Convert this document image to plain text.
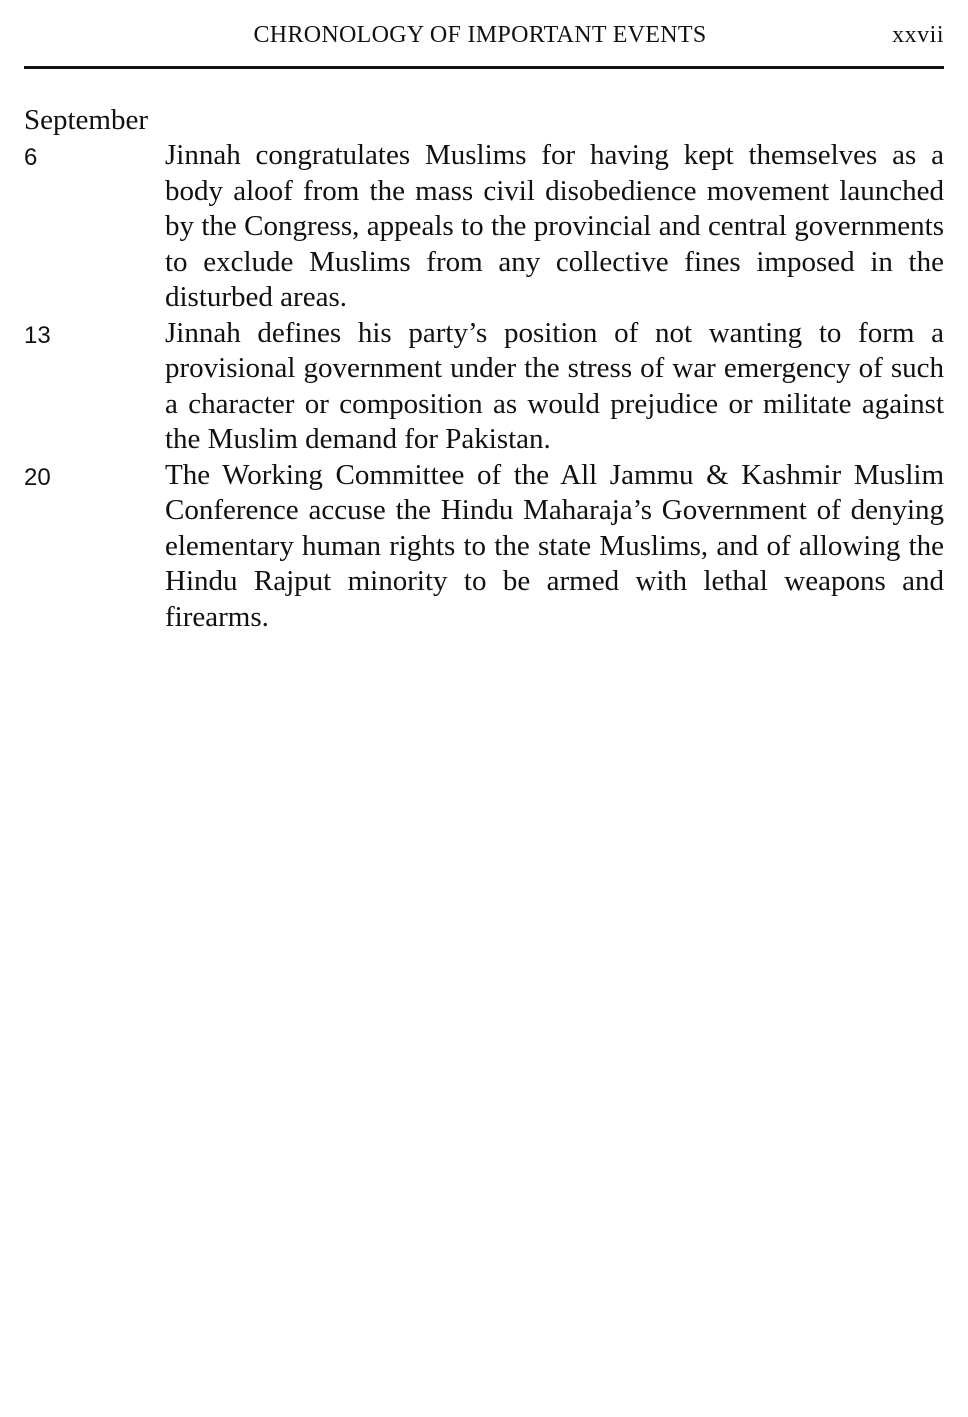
CHRONOLOGY OF IMPORTANT EVENTS	xxvii
September
6	Jinnah congratulates Muslims for having kept themselves as a body aloof from the mass civil disobedience movement launched by the Congress, appeals to the provincial and central governments to exclude Muslims from any collective fines imposed in the disturbed areas.

13	Jinnah defines his party’s position of not wanting to form a provisional government under the stress of war emergency of such a character or composition as would prejudice or militate against the Muslim demand for Pakistan.

20	The Working Committee of the All Jammu & Kashmir Muslim Conference accuse the Hindu Maharaja’s Government of denying elementary human rights to the state Muslims, and of allowing the Hindu Rajput minority to be armed with lethal weapons and firearms.
